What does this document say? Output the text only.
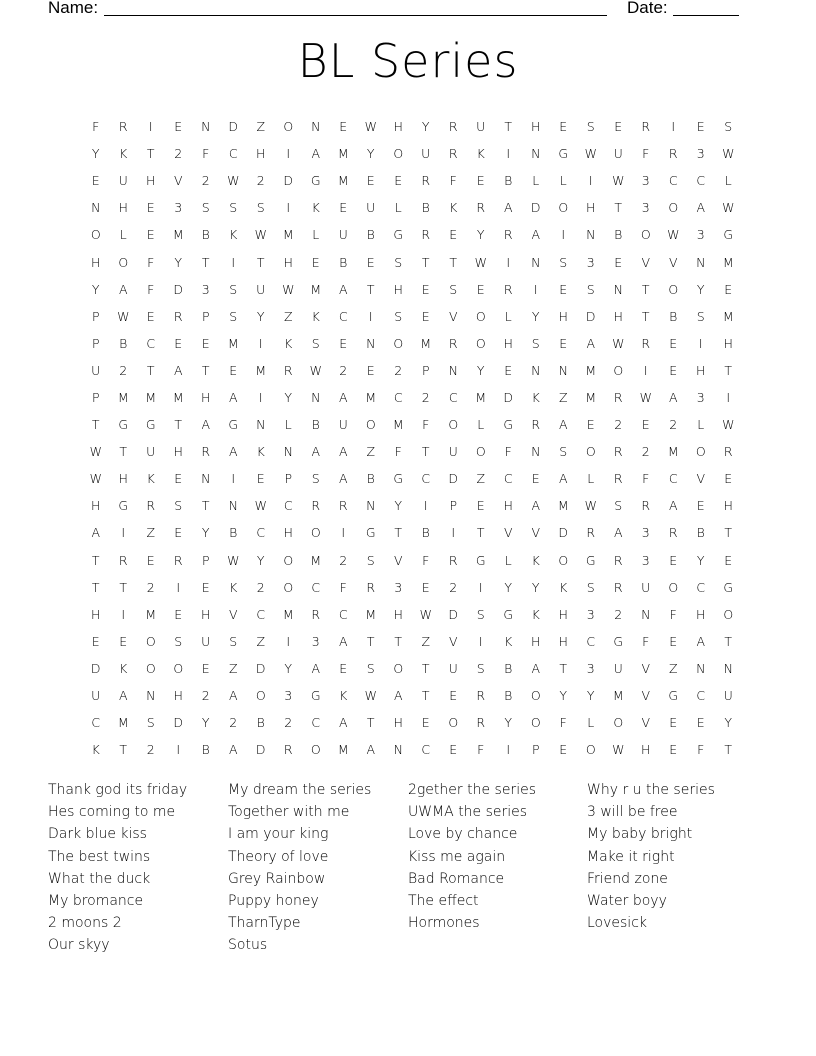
Name:	Date:
BL Series
F	R	I	E	N	D	Z	O	N	E	W	H	Y	R	U	T	H	E	S	E	R	I	E	S
Y	K	T	2	F	C	H	I	A	M	Y	O	U	R	K	I	N	G	W	U	F	R	3	W
E	U	H	V	2	W	2	D	G	M	E	E	R	F	E	B	L	L	I	W	3	C	C	L
N	H	E	3	S	S	S	I	K	E	U	L	B	K	R	A	D	O	H	T	3	O	A	W
O	L	E	M	B	K	W	M	L	U	B	G	R	E	Y	R	A	I	N	B	O	W	3	G
H	O	F	Y	T	I	T	H	E	B	E	S	T	T	W	I	N	S	3	E	V	V	N	M
Y	A	F	D	3	S	U	W	M	A	T	H	E	S	E	R	I	E	S	N	T	O	Y	E
P	W	E	R	P	S	Y	Z	K	C	I	S	E	V	O	L	Y	H	D	H	T	B	S	M
P	B	C	E	E	M	I	K	S	E	N	O	M	R	O	H	S	E	A	W	R	E	I	H
U	2	T	A	T	E	M	R	W	2	E	2	P	N	Y	E	N	N	M	O	I	E	H	T
P	M	M	M	H	A	I	Y	N	A	M	C	2	C	M	D	K	Z	M	R	W	A	3	I
T	G	G	T	A	G	N	L	B	U	O	M	F	O	L	G	R	A	E	2	E	2	L	W
W	T	U	H	R	A	K	N	A	A	Z	F	T	U	O	F	N	S	O	R	2	M	O	R
W	H	K	E	N	I	E	P	S	A	B	G	C	D	Z	C	E	A	L	R	F	C	V	E
H	G	R	S	T	N	W	C	R	R	N	Y	I	P	E	H	A	M	W	S	R	A	E	H
A	I	Z	E	Y	B	C	H	O	I	G	T	B	I	T	V	V	D	R	A	3	R	B	T
T	R	E	R	P	W	Y	O	M	2	S	V	F	R	G	L	K	O	G	R	3	E	Y	E
T	T	2	I	E	K	2	O	C	F	R	3	E	2	I	Y	Y	K	S	R	U	O	C	G
H	I	M	E	H	V	C	M	R	C	M	H	W	D	S	G	K	H	3	2	N	F	H	O
E	E	O	S	U	S	Z	I	3	A	T	T	Z	V	I	K	H	H	C	G	F	E	A	T
D	K	O	O	E	Z	D	Y	A	E	S	O	T	U	S	B	A	T	3	U	V	Z	N	N
U	A	N	H	2	A	O	3	G	K	W	A	T	E	R	B	O	Y	Y	M	V	G	C	U
C	M	S	D	Y	2	B	2	C	A	T	H	E	O	R	Y	O	F	L	O	V	E	E	Y
K	T	2	I	B	A	D	R	O	M	A	N	C	E	F	I	P	E	O	W	H	E	F	T
Thank god its friday
Hes coming to me
Dark blue kiss
The best twins
What the duck
My bromance
2 moons 2
Our skyy
My dream the series
Together with me
I am your king
Theory of love
Grey Rainbow
Puppy honey
TharnType
Sotus
2gether the series
UWMA the series
Love by chance
Kiss me again
Bad Romance
The effect
Hormones
Why r u the series
3 will be free
My baby bright
Make it right
Friend zone
Water boyy
Lovesick
